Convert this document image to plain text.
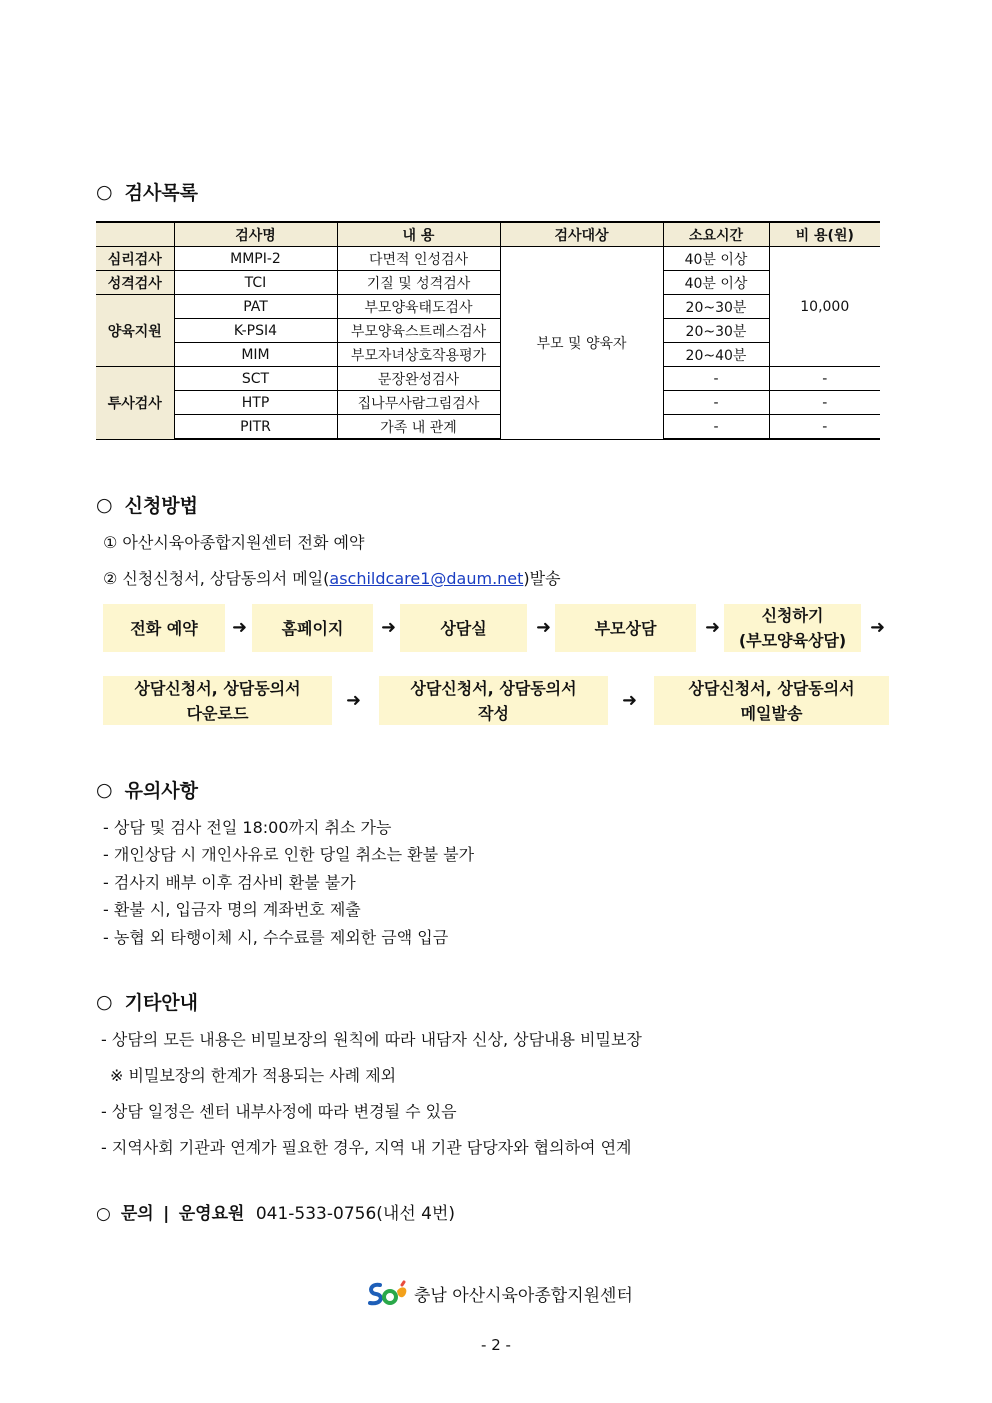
○ 검사목록
	검사명	내 용	검사대상	소요시간	비 용(원)
심리검사	MMPI-2	다면적 인성검사	부모 및 양육자	40분 이상	10,000
성격검사	TCI	기질 및 성격검사		40분 이상	
양육지원	PAT	부모양육태도검사		20~30분	
	K-PSI4	부모양육스트레스검사		20~30분	
	MIM	부모자녀상호작용평가		20~40분	
투사검사	SCT	문장완성검사		-	-
	HTP	집나무사람그림검사		-	-
	PITR	가족 내 관계		-	-
○ 신청방법
① 아산시육아종합지원센터 전화 예약
② 신청신청서, 상담동의서 메일(aschildcare1@daum.net)발송
전화 예약	➜	홈페이지	➜	상담실	➜	부모상담	➜
신청하기
(부모양육상담)
➜
상담신청서, 상담동의서
다운로드
➜
상담신청서, 상담동의서
작성
➜
상담신청서, 상담동의서
메일발송
○ 유의사항
- 상담 및 검사 전일 18:00까지 취소 가능
- 개인상담 시 개인사유로 인한 당일 취소는 환불 불가
- 검사지 배부 이후 검사비 환불 불가
- 환불 시, 입금자 명의 계좌번호 제출
- 농협 외 타행이체 시, 수수료를 제외한 금액 입금
○ 기타안내
- 상담의 모든 내용은 비밀보장의 원칙에 따라 내담자 신상, 상담내용 비밀보장
※ 비밀보장의 한계가 적용되는 사례 제외
- 상담 일정은 센터 내부사정에 따라 변경될 수 있음
- 지역사회 기관과 연계가 필요한 경우, 지역 내 기관 담당자와 협의하여 연계
○ 문의 | 운영요원 041-533-0756(내선 4번)
충남 아산시육아종합지원센터
- 2 -
